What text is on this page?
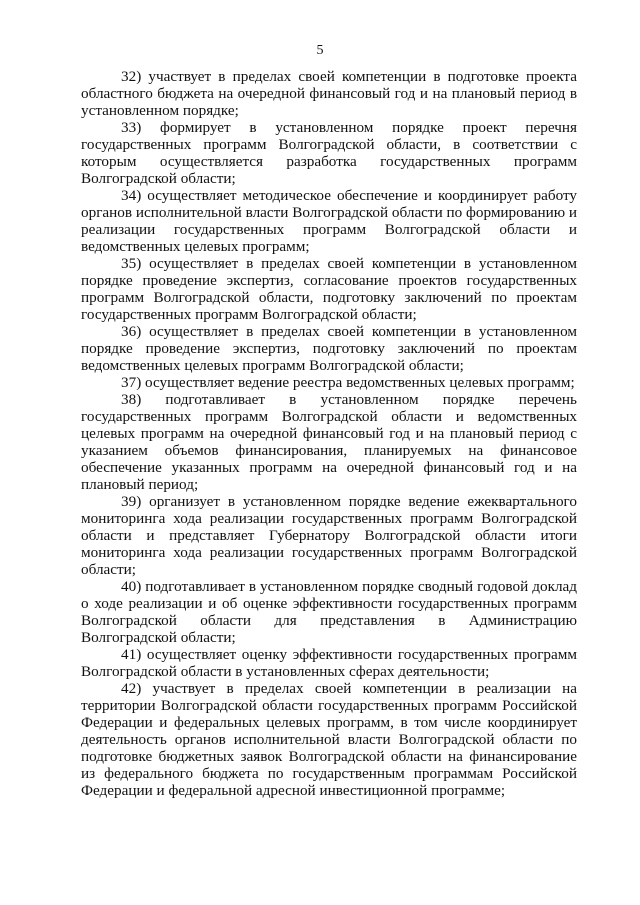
5

32) участвует в пределах своей компетенции в подготовке проекта областного бюджета на очередной финансовый год и на плановый период в установленном порядке;

33) формирует в установленном порядке проект перечня государственных программ Волгоградской области, в соответствии с которым осуществляется разработка государственных программ Волгоградской области;

34) осуществляет методическое обеспечение и координирует работу органов исполнительной власти Волгоградской области по формированию и реализации государственных программ Волгоградской области и ведомственных целевых программ;

35) осуществляет в пределах своей компетенции в установленном порядке проведение экспертиз, согласование проектов государственных программ Волгоградской области, подготовку заключений по проектам государственных программ Волгоградской области;

36) осуществляет в пределах своей компетенции в установленном порядке проведение экспертиз, подготовку заключений по проектам ведомственных целевых программ Волгоградской области;

37) осуществляет ведение реестра ведомственных целевых программ;

38) подготавливает в установленном порядке перечень государственных программ Волгоградской области и ведомственных целевых программ на очередной финансовый год и на плановый период с указанием объемов финансирования, планируемых на финансовое обеспечение указанных программ на очередной финансовый год и на плановый период;

39) организует в установленном порядке ведение ежеквартального мониторинга хода реализации государственных программ Волгоградской области и представляет Губернатору Волгоградской области итоги мониторинга хода реализации государственных программ Волгоградской области;

40) подготавливает в установленном порядке сводный годовой доклад о ходе реализации и об оценке эффективности государственных программ Волгоградской области для представления в Администрацию Волгоградской области;

41) осуществляет оценку эффективности государственных программ Волгоградской области в установленных сферах деятельности;

42) участвует в пределах своей компетенции в реализации на территории Волгоградской области государственных программ Российской Федерации и федеральных целевых программ, в том числе координирует деятельность органов исполнительной власти Волгоградской области по подготовке бюджетных заявок Волгоградской области на финансирование из федерального бюджета по государственным программам Российской Федерации и федеральной адресной инвестиционной программе;
